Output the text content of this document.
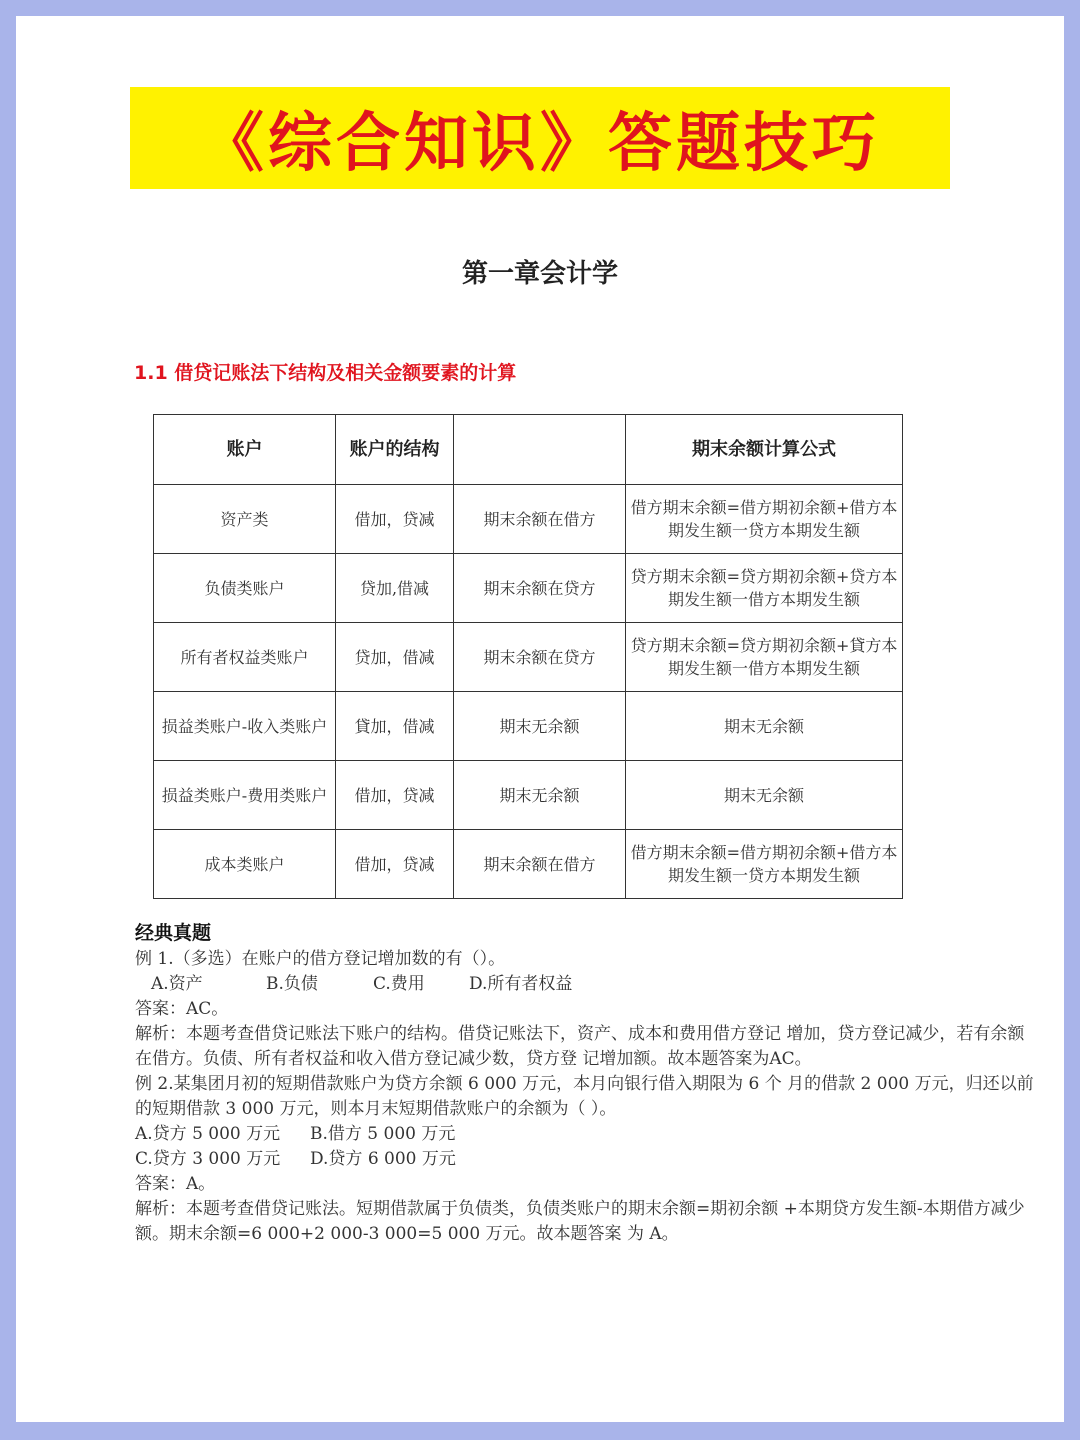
《综合知识》答题技巧
第一章会计学
1.1 借贷记账法下结构及相关金额要素的计算
账户	账户的结构		期末余额计算公式
资产类	借加，贷减	期末余额在借方	借方期末余额=借方期初余额+借方本期发生额一贷方本期发生额
负债类账户	贷加,借减	期末余额在贷方	贷方期末余额=贷方期初余额+贷方本期发生额一借方本期发生额
所有者权益类账户	贷加，借减	期末余额在贷方	贷方期末余额=贷方期初余额+貸方本期发生额一借方本期发生额
损益类账户-收入类账户	貸加，借减	期末无余额	期末无余额
损益类账户-费用类账户	借加，贷减	期末无余额	期末无余额
成本类账户	借加，贷减	期末余额在借方	借方期末余额=借方期初余额+借方本期发生额一贷方本期发生额

经典真题

例 1.（多选）在账户的借方登记增加数的有（）。

A.资产	B.负债	C.费用	D.所有者权益

答案：AC。

解析：本题考查借贷记账法下账户的结构。借贷记账法下，资产、成本和费用借方登记 增加，贷方登记减少，若有余额在借方。负债、所有者权益和收入借方登记减少数，贷方登 记增加额。故本题答案为AC。

例 2.某集团月初的短期借款账户为贷方余额 6 000 万元，本月向银行借入期限为 6 个 月的借款 2 000 万元，归还以前的短期借款 3 000 万元，则本月末短期借款账户的余额为（ ）。

A.贷方 5 000 万元 B.借方 5 000 万元

C.贷方 3 000 万元 D.贷方 6 000 万元

答案：A。

解析：本题考查借贷记账法。短期借款属于负债类，负债类账户的期末余额=期初余额 +本期贷方发生额-本期借方减少额。期末余额=6 000+2 000-3 000=5 000 万元。故本题答案 为 A。
